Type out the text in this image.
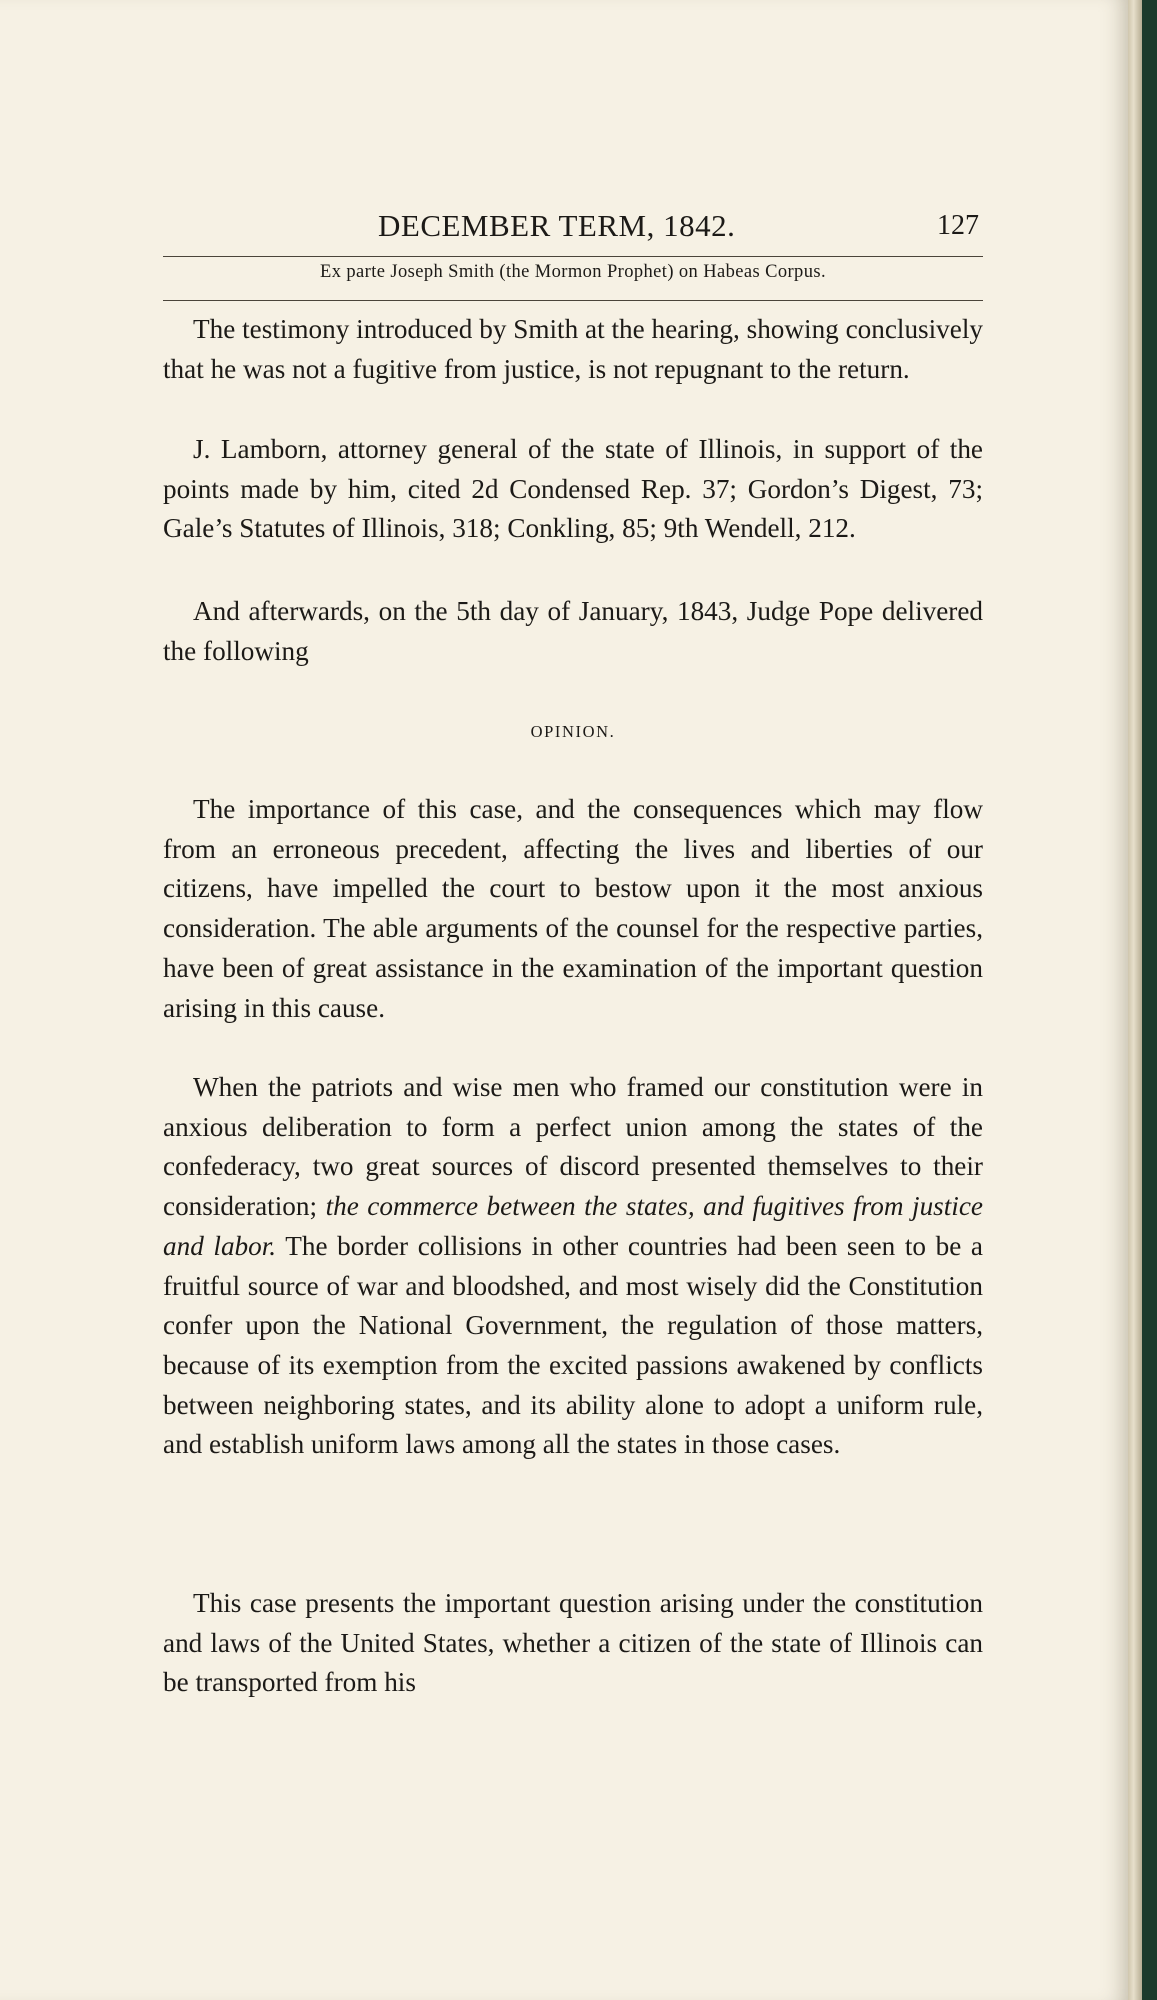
DECEMBER TERM, 1842.	127
Ex parte Joseph Smith (the Mormon Prophet) on Habeas Corpus.

The testimony introduced by Smith at the hearing, showing conclusively that he was not a fugitive from justice, is not repugnant to the return.

J. Lamborn, attorney general of the state of Illinois, in support of the points made by him, cited 2d Condensed Rep. 37; Gordon’s Digest, 73; Gale’s Statutes of Illinois, 318; Conkling, 85; 9th Wendell, 212.

And afterwards, on the 5th day of January, 1843, Judge Pope delivered the following

OPINION.

The importance of this case, and the consequences which may flow from an erroneous precedent, affecting the lives and liberties of our citizens, have impelled the court to bestow upon it the most anxious consideration. The able arguments of the counsel for the respective parties, have been of great assistance in the examination of the important question arising in this cause.

When the patriots and wise men who framed our constitution were in anxious deliberation to form a perfect union among the states of the confederacy, two great sources of discord presented themselves to their consideration; the commerce between the states, and fugitives from justice and labor. The border collisions in other countries had been seen to be a fruitful source of war and bloodshed, and most wisely did the Constitution confer upon the National Government, the regulation of those matters, because of its exemption from the excited passions awakened by conflicts between neighboring states, and its ability alone to adopt a uniform rule, and establish uniform laws among all the states in those cases.

This case presents the important question arising under the constitution and laws of the United States, whether a citizen of the state of Illinois can be transported from his
